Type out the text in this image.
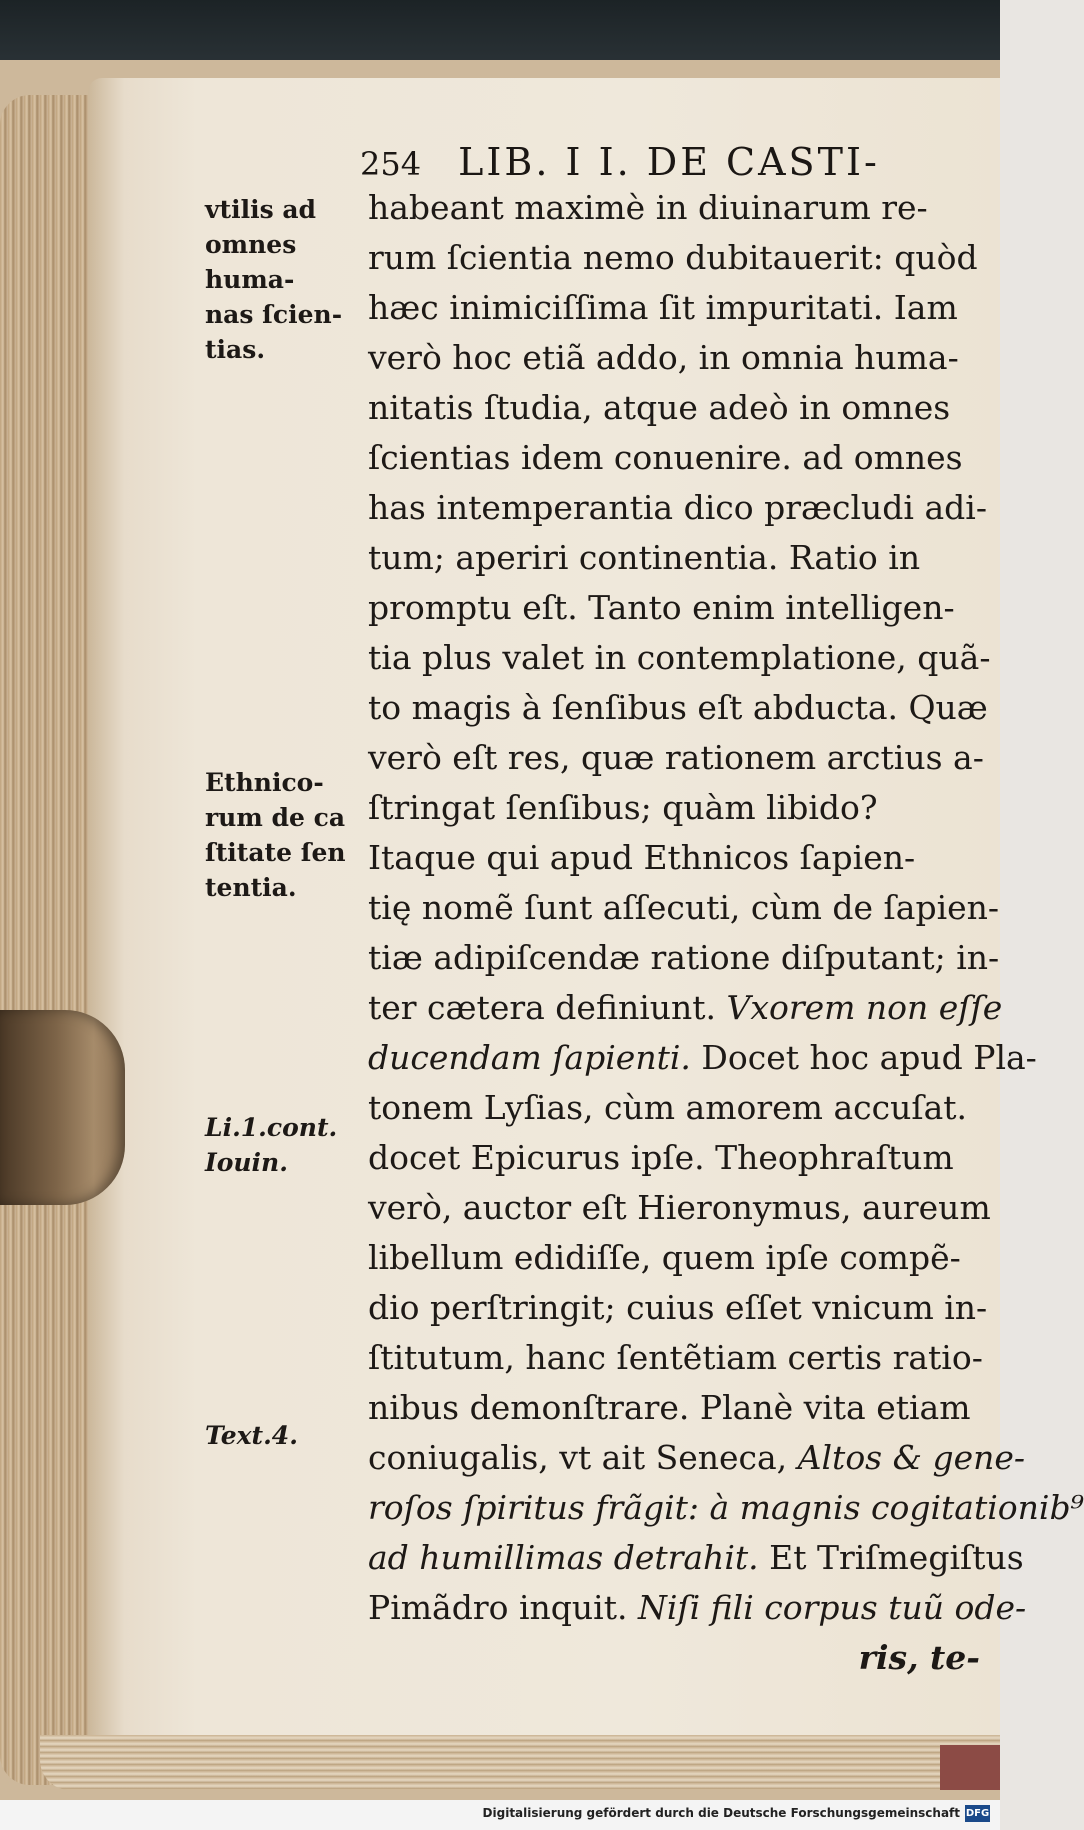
254 LIB. I I. DE CASTI-
vtilis ad
omnes
huma-
nas ſcien-
tias.
Ethnico-
rum de ca
ſtitate ſen
tentia.
Li.1.cont.
Iouin.
Text.4.
habeant maximè in diuinarum re-
rum ſcientia nemo dubitauerit: quòd
hæc inimiciſſima ſit impuritati. Iam
verò hoc etiã addo, in omnia huma-
nitatis ſtudia, atque adeò in omnes
ſcientias idem conuenire. ad omnes
has intemperantia dico præcludi adi-
tum; aperiri continentia. Ratio in
promptu eſt. Tanto enim intelligen-
tia plus valet in contemplatione, quã-
to magis à ſenſibus eſt abducta. Quæ
verò eſt res, quæ rationem arctius a-
ſtringat ſenſibus; quàm libido?
Itaque qui apud Ethnicos ſapien-
tię nomẽ ſunt aſſecuti, cùm de ſapien-
tiæ adipiſcendæ ratione diſputant; in-
ter cætera definiunt. Vxorem non eſſe
ducendam ſapienti. Docet hoc apud Pla-
tonem Lyſias, cùm amorem accuſat.
docet Epicurus ipſe. Theophraſtum
verò, auctor eſt Hieronymus, aureum
libellum edidiſſe, quem ipſe compẽ-
dio perſtringit; cuius eſſet vnicum in-
ſtitutum, hanc ſentẽtiam certis ratio-
nibus demonſtrare. Planè vita etiam
coniugalis, vt ait Seneca, Altos & gene-
roſos ſpiritus frãgit: à magnis cogitationib⁹
ad humillimas detrahit. Et Triſmegiſtus
Pimãdro inquit. Niſi fili corpus tuũ ode-
ris, te-
Digitalisierung gefördert durch die Deutsche Forschungsgemeinschaft DFG
